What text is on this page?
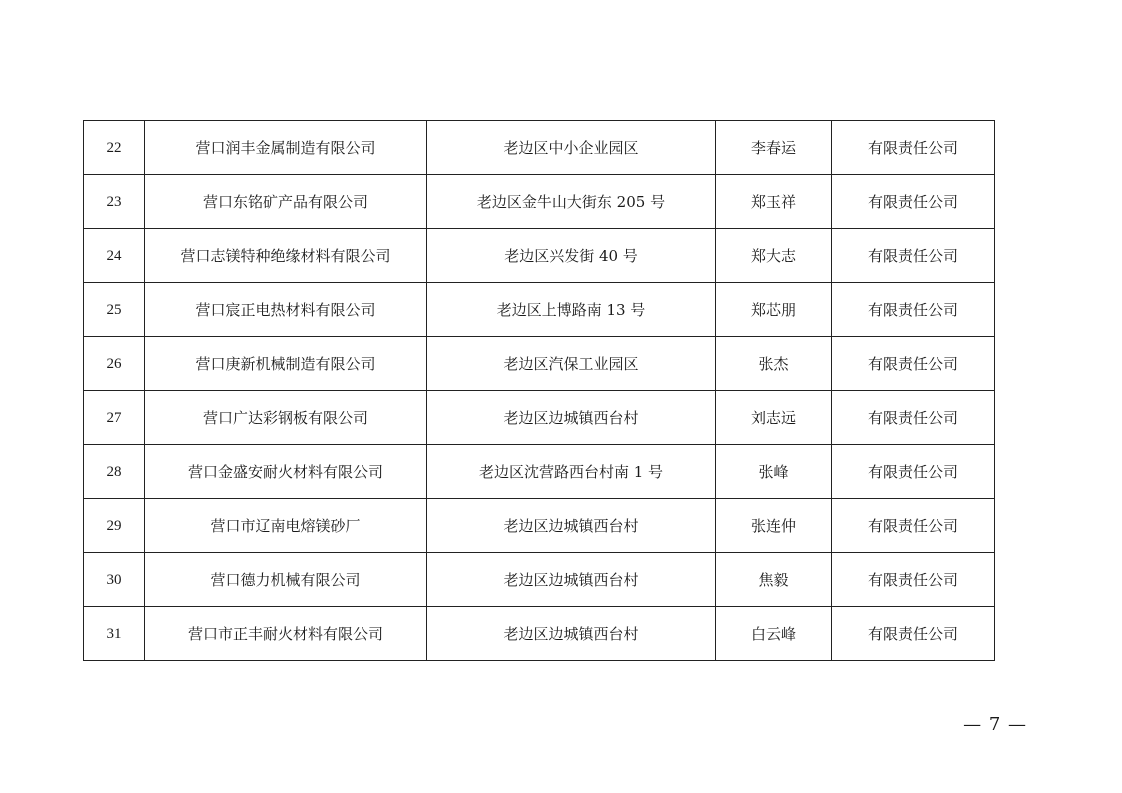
22	营口润丰金属制造有限公司	老边区中小企业园区	李春运	有限责任公司
23	营口东铭矿产品有限公司	老边区金牛山大街东 205 号	郑玉祥	有限责任公司
24	营口志镁特种绝缘材料有限公司	老边区兴发街 40 号	郑大志	有限责任公司
25	营口宸正电热材料有限公司	老边区上博路南 13 号	郑芯朋	有限责任公司
26	营口庚新机械制造有限公司	老边区汽保工业园区	张杰	有限责任公司
27	营口广达彩钢板有限公司	老边区边城镇西台村	刘志远	有限责任公司
28	营口金盛安耐火材料有限公司	老边区沈营路西台村南 1 号	张峰	有限责任公司
29	营口市辽南电熔镁砂厂	老边区边城镇西台村	张连仲	有限责任公司
30	营口德力机械有限公司	老边区边城镇西台村	焦毅	有限责任公司
31	营口市正丰耐火材料有限公司	老边区边城镇西台村	白云峰	有限责任公司
— 7 —
